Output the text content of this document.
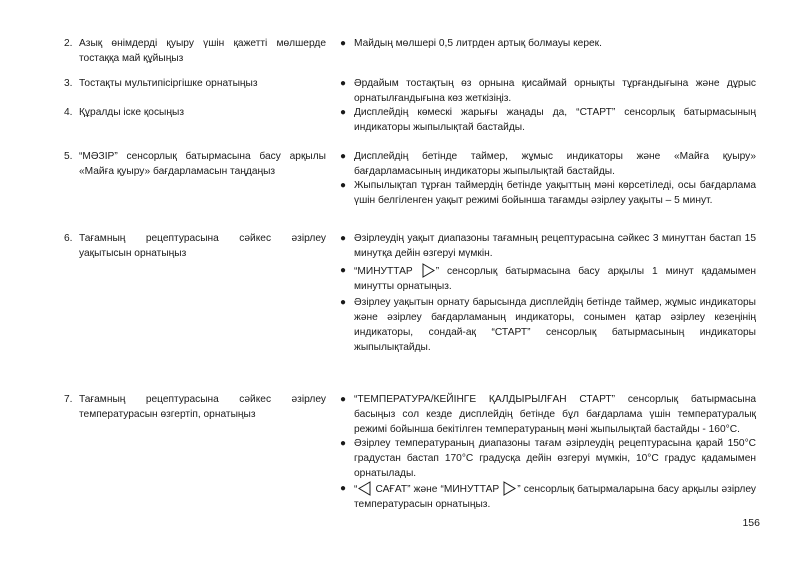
2. Азық өнімдерді қуыру үшін қажетті мөлшерде тостаққа май құйыңыз
3. Тостақты мультипісіргішке орнатыңыз
4. Құралды іске қосыңыз
5. “МӘЗІР” сенсорлық батырмасына басу арқылы «Майға қуыру» бағдарламасын таңдаңыз
6. Тағамның рецептурасына сәйкес әзірлеу уақытысын орнатыңыз
7. Тағамның рецептурасына сәйкес әзірлеу температурасын өзгертіп, орнатыңыз
● Майдың мөлшері 0,5 литрден артық болмауы керек.
● Әрдайым тостақтың өз орнына қисаймай орнықты тұрғандығына және дұрыс орнатылғандығына көз жеткізіңіз.
● Дисплейдің көмескі жарығы жаңады да, “СТАРТ” сенсорлық батырмасының индикаторы жыпылықтай бастайды.
● Дисплейдің бетінде таймер, жұмыс индикаторы және «Майға қуыру» бағдарламасының индикаторы жыпылықтай бастайды.
● Жыпылықтап тұрған таймердің бетінде уақыттың мәні көрсетіледі, осы бағдарлама үшін белгіленген уақыт режимі бойынша тағамды әзірлеу уақыты – 5 минут.
● Әзірлеудің уақыт диапазоны тағамның рецептурасына сәйкес 3 минуттан бастап 15 минутқа дейін өзгеруі мүмкін.
● “МИНУТТАР ” сенсорлық батырмасына басу арқылы 1 минут қадамымен минутты орнатыңыз.
● Әзірлеу уақытын орнату барысында дисплейдің бетінде таймер, жұмыс индикаторы және әзірлеу бағдарламаның индикаторы, сонымен қатар әзірлеу кезеңінің индикаторы, сондай-ақ “СТАРТ” сенсорлық батырмасының индикаторы жыпылықтайды.
● “ТЕМПЕРАТУРА/КЕЙІНГЕ ҚАЛДЫРЫЛҒАН СТАРТ” сенсорлық батырмасына басыңыз сол кезде дисплейдің бетінде бұл бағдарлама үшін температуралық режимі бойынша бекітілген температураның мәні жыпылықтай бастайды - 160°С.
● Әзірлеу температураның диапазоны тағам әзірлеудің рецептурасына қарай 150°С градустан бастап 170°С градусқа дейін өзгеруі мүмкін, 10°С градус қадамымен орнатылады.
● “ САҒАТ” және “МИНУТТАР ” сенсорлық батырмаларына басу арқылы әзірлеу температурасын орнатыңыз.
156
